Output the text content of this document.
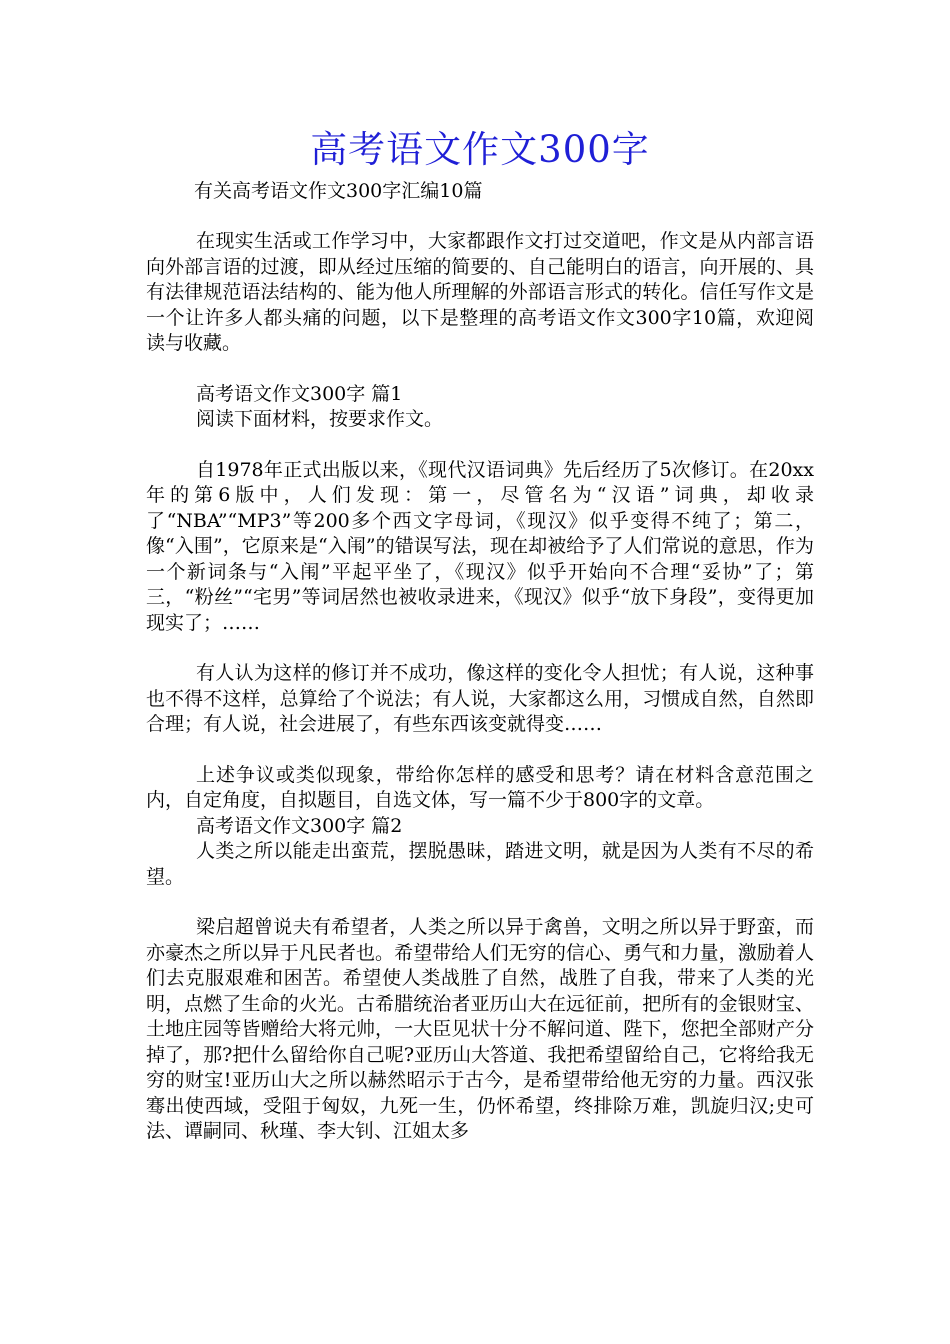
高考语文作文300字

有关高考语文作文300字汇编10篇

在现实生活或工作学习中，大家都跟作文打过交道吧，作文是从内部言语向外部言语的过渡，即从经过压缩的简要的、自己能明白的语言，向开展的、具有法律规范语法结构的、能为他人所理解的外部语言形式的转化。信任写作文是一个让许多人都头痛的问题，以下是整理的高考语文作文300字10篇，欢迎阅读与收藏。

高考语文作文300字 篇1

阅读下面材料，按要求作文。

自1978年正式出版以来，《现代汉语词典》先后经历了5次修订。在20xx年的第6版中，人们发现：第一，尽管名为“汉语”词典，却收录了“NBA”“MP3”等200多个西文字母词，《现汉》似乎变得不纯了；第二，像“入围”，它原来是“入闱”的错误写法，现在却被给予了人们常说的意思，作为一个新词条与“入闱”平起平坐了，《现汉》似乎开始向不合理“妥协”了；第三，“粉丝”“宅男”等词居然也被收录进来，《现汉》似乎“放下身段”，变得更加现实了；……

有人认为这样的修订并不成功，像这样的变化令人担忧；有人说，这种事也不得不这样，总算给了个说法；有人说，大家都这么用，习惯成自然，自然即合理；有人说，社会进展了，有些东西该变就得变……

上述争议或类似现象，带给你怎样的感受和思考？请在材料含意范围之内，自定角度，自拟题目，自选文体，写一篇不少于800字的文章。

高考语文作文300字 篇2

人类之所以能走出蛮荒，摆脱愚昧，踏进文明，就是因为人类有不尽的希望。

梁启超曾说夫有希望者，人类之所以异于禽兽，文明之所以异于野蛮，而亦豪杰之所以异于凡民者也。希望带给人们无穷的信心、勇气和力量，激励着人们去克服艰难和困苦。希望使人类战胜了自然，战胜了自我，带来了人类的光明，点燃了生命的火光。古希腊统治者亚历山大在远征前，把所有的金银财宝、土地庄园等皆赠给大将元帅，一大臣见状十分不解问道、陛下，您把全部财产分掉了，那?把什么留给你自己呢?亚历山大答道、我把希望留给自己，它将给我无穷的财宝!亚历山大之所以赫然昭示于古今，是希望带给他无穷的力量。西汉张骞出使西域，受阻于匈奴，九死一生，仍怀希望，终排除万难，凯旋归汉;史可法、谭嗣同、秋瑾、李大钊、江姐太多
